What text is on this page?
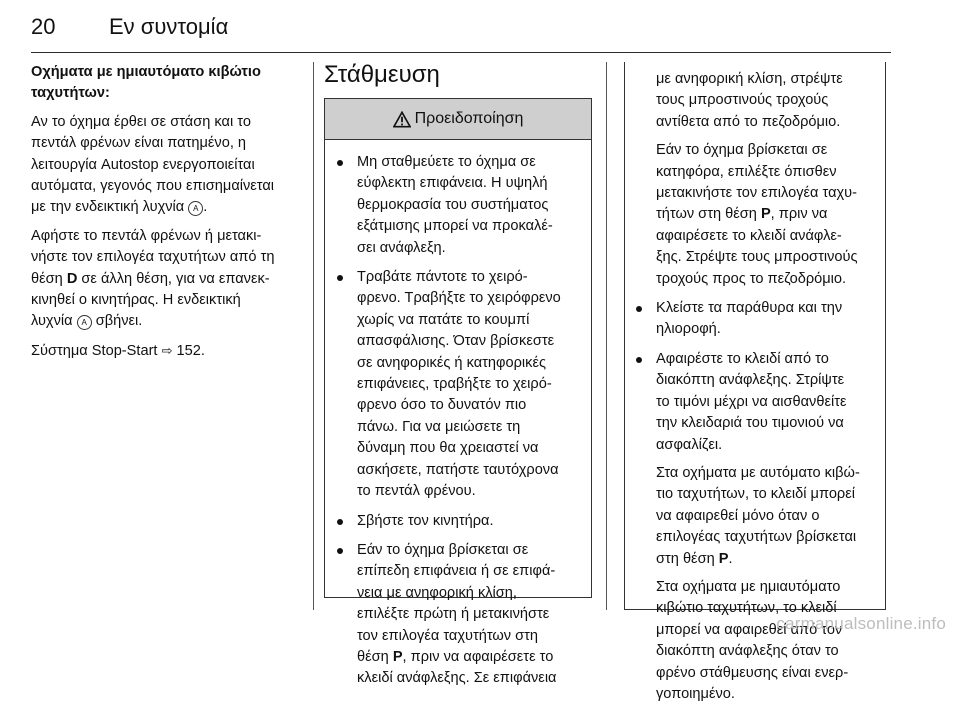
20 Εν συντομία

Οχήματα με ημιαυτόματο κιβώτιο
ταχυτήτων:

Αν το όχημα έρθει σε στάση και το
πεντάλ φρένων είναι πατημένο, η
λειτουργία Autostop ενεργοποιείται
αυτόματα, γεγονός που επισημαίνεται
με την ενδεικτική λυχνία A .

Αφήστε το πεντάλ φρένων ή μετακι-
νήστε τον επιλογέα ταχυτήτων από τη
θέση D σε άλλη θέση, για να επανεκ-
κινηθεί ο κινητήρας. Η ενδεικτική
λυχνία A σβήνει.

Σύστημα Stop-Start ⇨ 152.

Στάθμευση
Προειδοποίηση
Μη σταθμεύετε το όχημα σε
εύφλεκτη επιφάνεια. Η υψηλή
θερμοκρασία του συστήματος
εξάτμισης μπορεί να προκαλέ-
σει ανάφλεξη.
Τραβάτε πάντοτε το χειρό-
φρενο. Τραβήξτε το χειρόφρενο
χωρίς να πατάτε το κουμπί
απασφάλισης. Όταν βρίσκεστε
σε ανηφορικές ή κατηφορικές
επιφάνειες, τραβήξτε το χειρό-
φρενο όσο το δυνατόν πιο
πάνω. Για να μειώσετε τη
δύναμη που θα χρειαστεί να
ασκήσετε, πατήστε ταυτόχρονα
το πεντάλ φρένου.
Σβήστε τον κινητήρα.
Εάν το όχημα βρίσκεται σε
επίπεδη επιφάνεια ή σε επιφά-
νεια με ανηφορική κλίση,
επιλέξτε πρώτη ή μετακινήστε
τον επιλογέα ταχυτήτων στη
θέση P, πριν να αφαιρέσετε το
κλειδί ανάφλεξης. Σε επιφάνεια

με ανηφορική κλίση, στρέψτε
τους μπροστινούς τροχούς
αντίθετα από το πεζοδρόμιο.

Εάν το όχημα βρίσκεται σε
κατηφόρα, επιλέξτε όπισθεν
μετακινήστε τον επιλογέα ταχυ-
τήτων στη θέση P, πριν να
αφαιρέσετε το κλειδί ανάφλε-
ξης. Στρέψτε τους μπροστινούς
τροχούς προς το πεζοδρόμιο.

Κλείστε τα παράθυρα και την
ηλιοροφή.

Αφαιρέστε το κλειδί από το
διακόπτη ανάφλεξης. Στρίψτε
το τιμόνι μέχρι να αισθανθείτε
την κλειδαριά του τιμονιού να
ασφαλίζει.

Στα οχήματα με αυτόματο κιβώ-
τιο ταχυτήτων, το κλειδί μπορεί
να αφαιρεθεί μόνο όταν ο
επιλογέας ταχυτήτων βρίσκεται
στη θέση P.

Στα οχήματα με ημιαυτόματο
κιβώτιο ταχυτήτων, το κλειδί
μπορεί να αφαιρεθεί από τον
διακόπτη ανάφλεξης όταν το
φρένο στάθμευσης είναι ενερ-
γοποιημένο.

carmanualsonline.info
